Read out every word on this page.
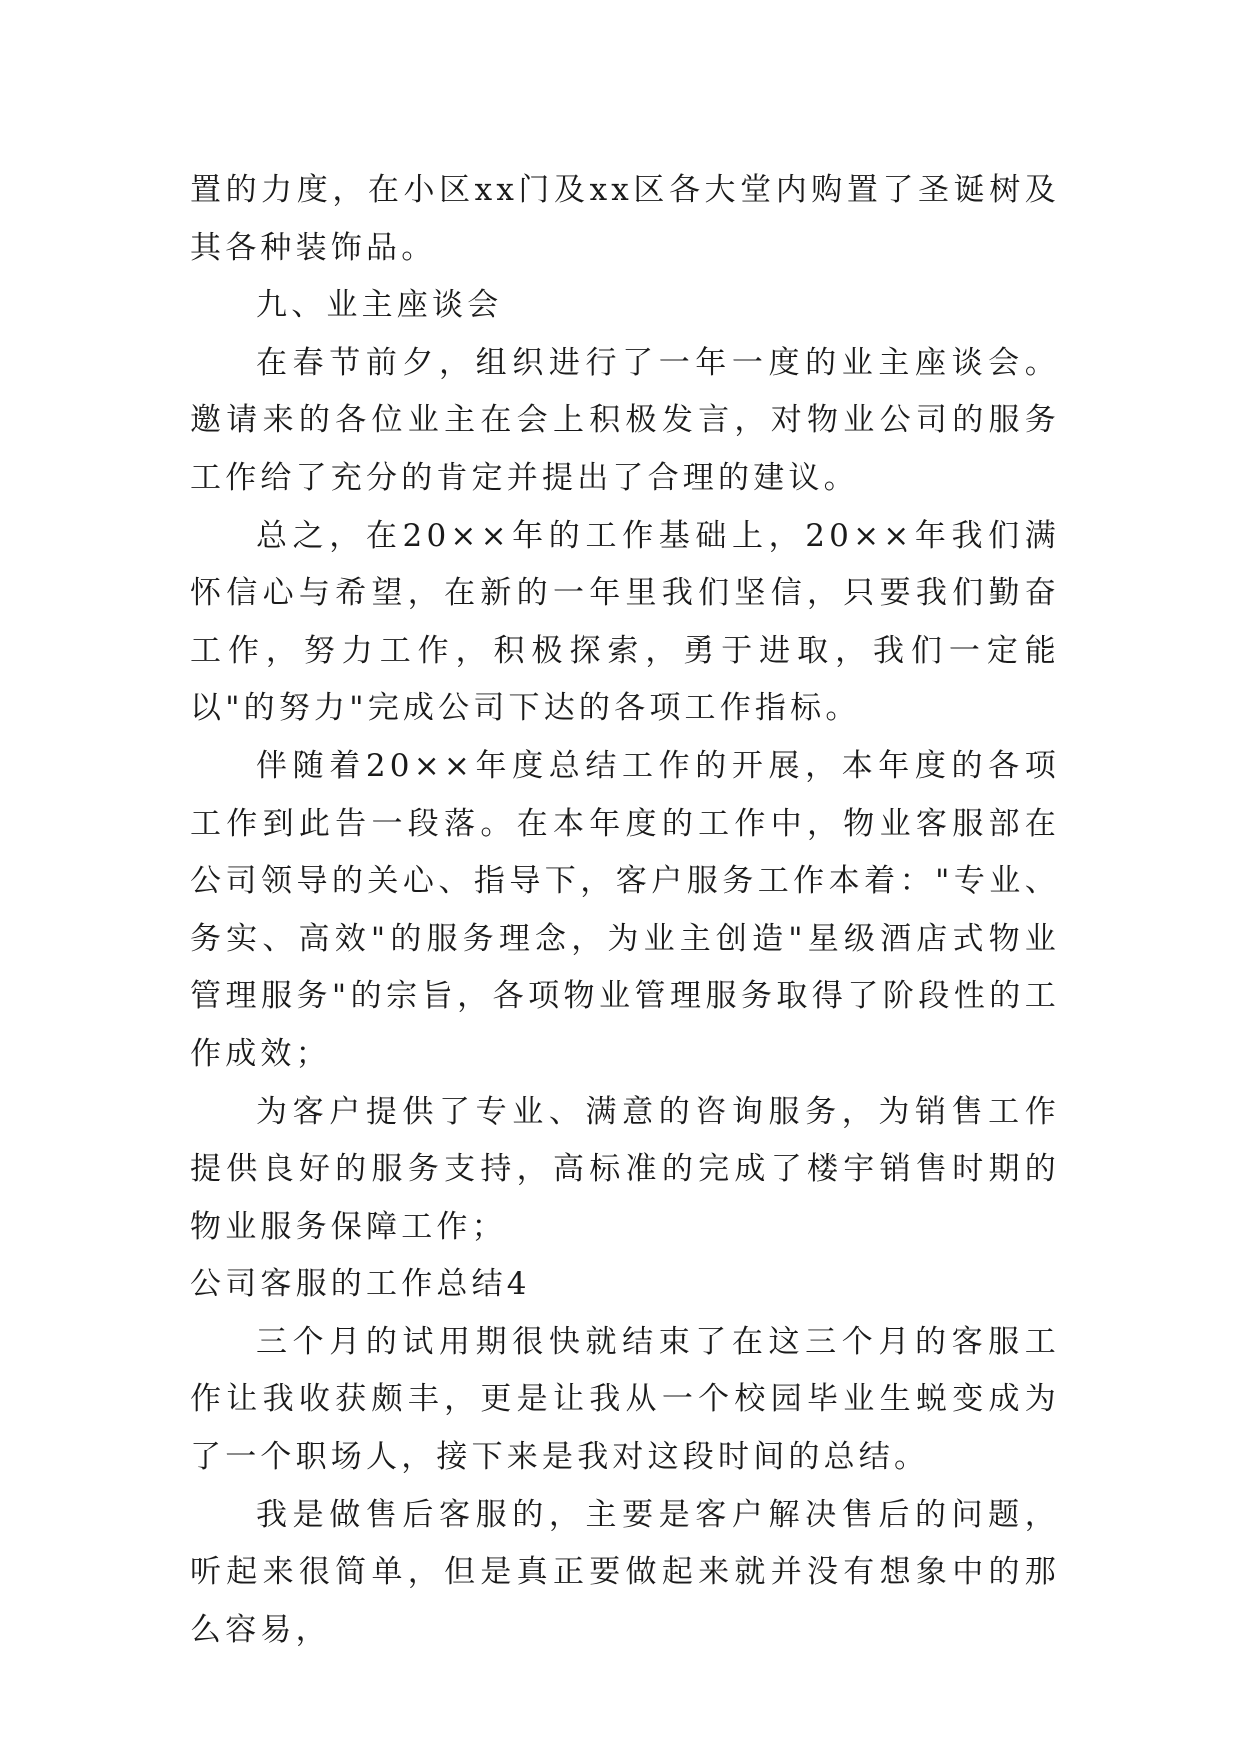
置的力度，在小区xx门及xx区各大堂内购置了圣诞树及其各种装饰品。

九、业主座谈会

在春节前夕，组织进行了一年一度的业主座谈会。邀请来的各位业主在会上积极发言，对物业公司的服务工作给了充分的肯定并提出了合理的建议。

总之，在20××年的工作基础上，20××年我们满怀信心与希望，在新的一年里我们坚信，只要我们勤奋工作，努力工作，积极探索，勇于进取，我们一定能以"的努力"完成公司下达的各项工作指标。

伴随着20××年度总结工作的开展，本年度的各项工作到此告一段落。在本年度的工作中，物业客服部在公司领导的关心、指导下，客户服务工作本着："专业、务实、高效"的服务理念，为业主创造"星级酒店式物业管理服务"的宗旨，各项物业管理服务取得了阶段性的工作成效；

为客户提供了专业、满意的咨询服务，为销售工作提供良好的服务支持，高标准的完成了楼宇销售时期的物业服务保障工作；

公司客服的工作总结4

三个月的试用期很快就结束了在这三个月的客服工作让我收获颇丰，更是让我从一个校园毕业生蜕变成为了一个职场人，接下来是我对这段时间的总结。

我是做售后客服的，主要是客户解决售后的问题，听起来很简单，但是真正要做起来就并没有想象中的那么容易，
